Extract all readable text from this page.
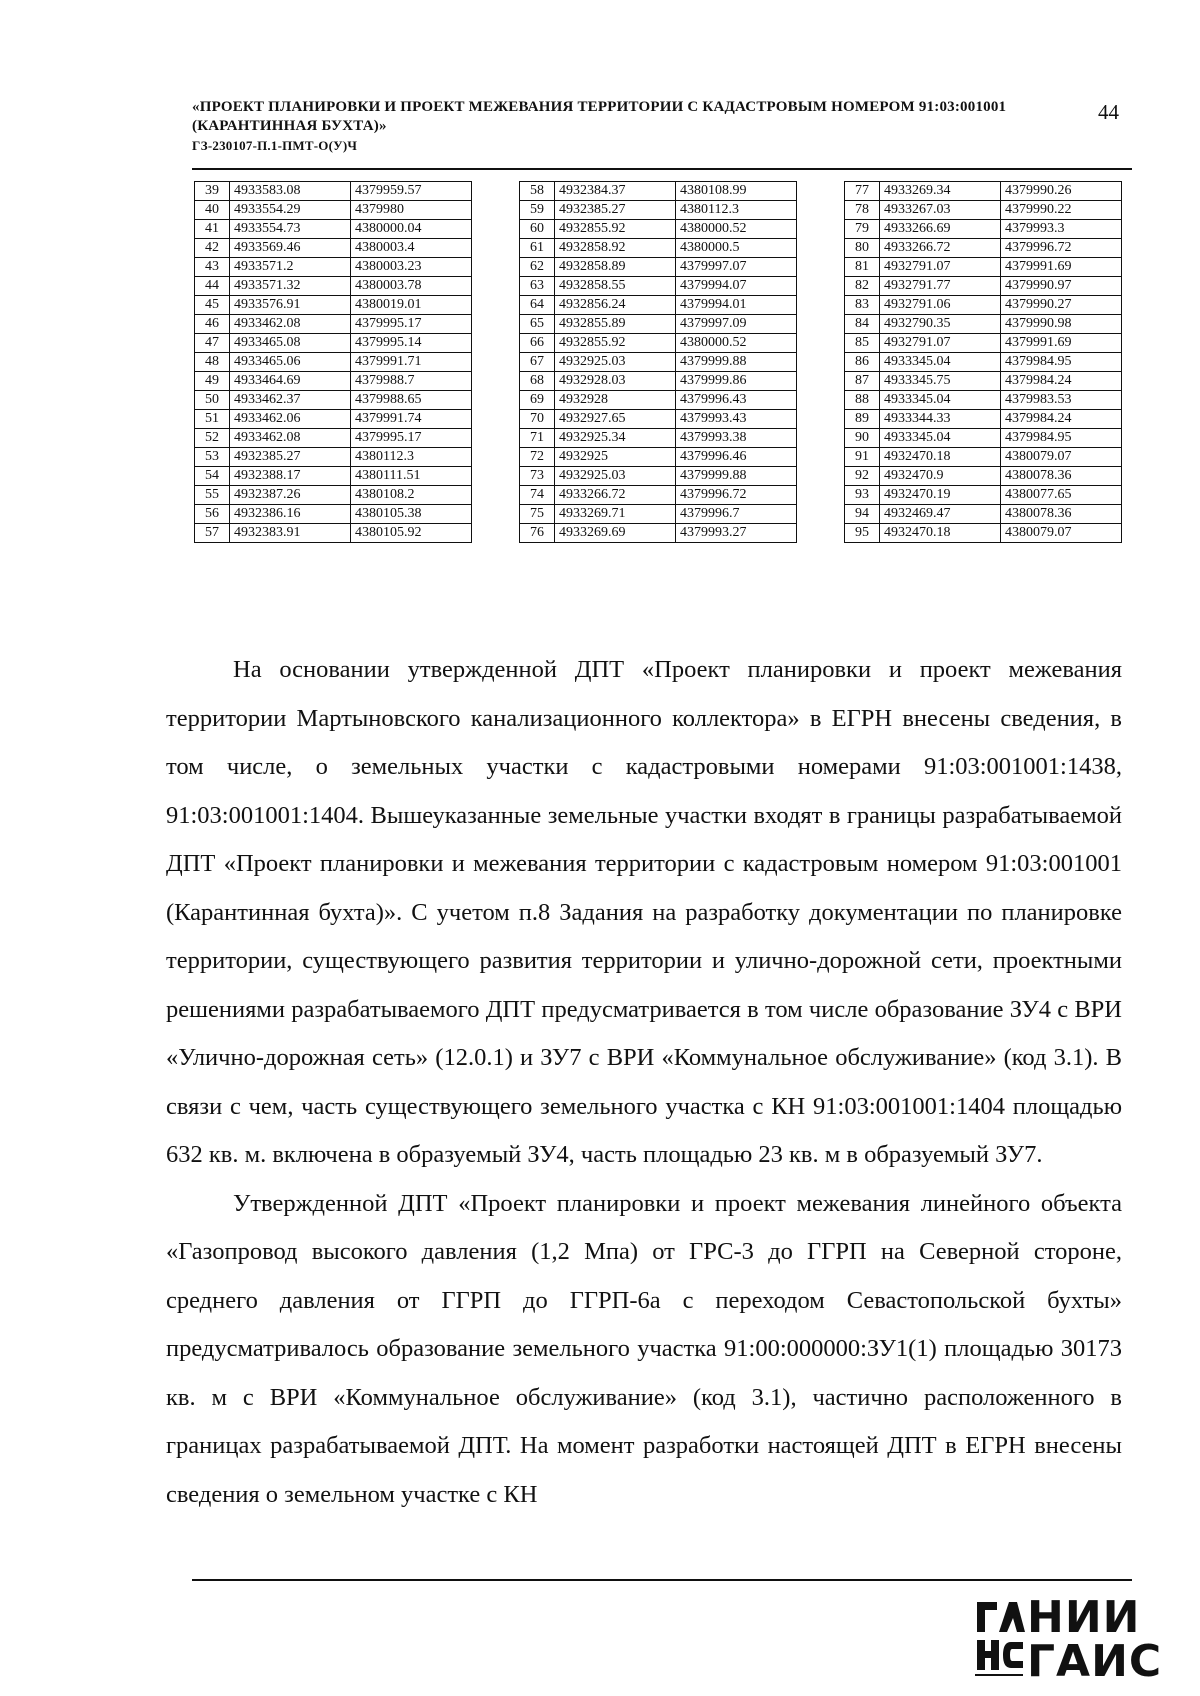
«ПРОЕКТ ПЛАНИРОВКИ И ПРОЕКТ МЕЖЕВАНИЯ ТЕРРИТОРИИ С КАДАСТРОВЫМ НОМЕРОМ 91:03:001001
(КАРАНТИННАЯ БУХТА)»
ГЗ-230107-П.1-ПМТ-О(У)Ч
44
39	4933583.08	4379959.57
40	4933554.29	4379980
41	4933554.73	4380000.04
42	4933569.46	4380003.4
43	4933571.2	4380003.23
44	4933571.32	4380003.78
45	4933576.91	4380019.01
46	4933462.08	4379995.17
47	4933465.08	4379995.14
48	4933465.06	4379991.71
49	4933464.69	4379988.7
50	4933462.37	4379988.65
51	4933462.06	4379991.74
52	4933462.08	4379995.17
53	4932385.27	4380112.3
54	4932388.17	4380111.51
55	4932387.26	4380108.2
56	4932386.16	4380105.38
57	4932383.91	4380105.92
58	4932384.37	4380108.99
59	4932385.27	4380112.3
60	4932855.92	4380000.52
61	4932858.92	4380000.5
62	4932858.89	4379997.07
63	4932858.55	4379994.07
64	4932856.24	4379994.01
65	4932855.89	4379997.09
66	4932855.92	4380000.52
67	4932925.03	4379999.88
68	4932928.03	4379999.86
69	4932928	4379996.43
70	4932927.65	4379993.43
71	4932925.34	4379993.38
72	4932925	4379996.46
73	4932925.03	4379999.88
74	4933266.72	4379996.72
75	4933269.71	4379996.7
76	4933269.69	4379993.27
77	4933269.34	4379990.26
78	4933267.03	4379990.22
79	4933266.69	4379993.3
80	4933266.72	4379996.72
81	4932791.07	4379991.69
82	4932791.77	4379990.97
83	4932791.06	4379990.27
84	4932790.35	4379990.98
85	4932791.07	4379991.69
86	4933345.04	4379984.95
87	4933345.75	4379984.24
88	4933345.04	4379983.53
89	4933344.33	4379984.24
90	4933345.04	4379984.95
91	4932470.18	4380079.07
92	4932470.9	4380078.36
93	4932470.19	4380077.65
94	4932469.47	4380078.36
95	4932470.18	4380079.07

На основании утвержденной ДПТ «Проект планировки и проект межевания территории Мартыновского канализационного коллектора» в ЕГРН внесены сведения, в том числе, о земельных участки с кадастровыми номерами 91:03:001001:1438, 91:03:001001:1404. Вышеуказанные земельные участки входят в границы разрабатываемой ДПТ «Проект планировки и межевания территории с кадастровым номером 91:03:001001 (Карантинная бухта)». С учетом п.8 Задания на разработку документации по планировке территории, существующего развития территории и улично-дорожной сети, проектными решениями разрабатываемого ДПТ предусматривается в том числе образование ЗУ4 с ВРИ «Улично-дорожная сеть» (12.0.1) и ЗУ7 с ВРИ «Коммунальное обслуживание» (код 3.1). В связи с чем, часть существующего земельного участка с КН 91:03:001001:1404 площадью 632 кв. м. включена в образуемый ЗУ4, часть площадью 23 кв. м в образуемый ЗУ7.

Утвержденной ДПТ «Проект планировки и проект межевания линейного объекта «Газопровод высокого давления (1,2 Мпа) от ГРС-3 до ГГРП на Северной стороне, среднего давления от ГГРП до ГГРП-6а с переходом Севастопольской бухты» предусматривалось образование земельного участка 91:00:000000:ЗУ1(1) площадью 30173 кв. м с ВРИ «Коммунальное обслуживание» (код 3.1), частично расположенного в границах разрабатываемой ДПТ. На момент разработки настоящей ДПТ в ЕГРН внесены сведения о земельном участке с КН

НИИ
ГАИС
